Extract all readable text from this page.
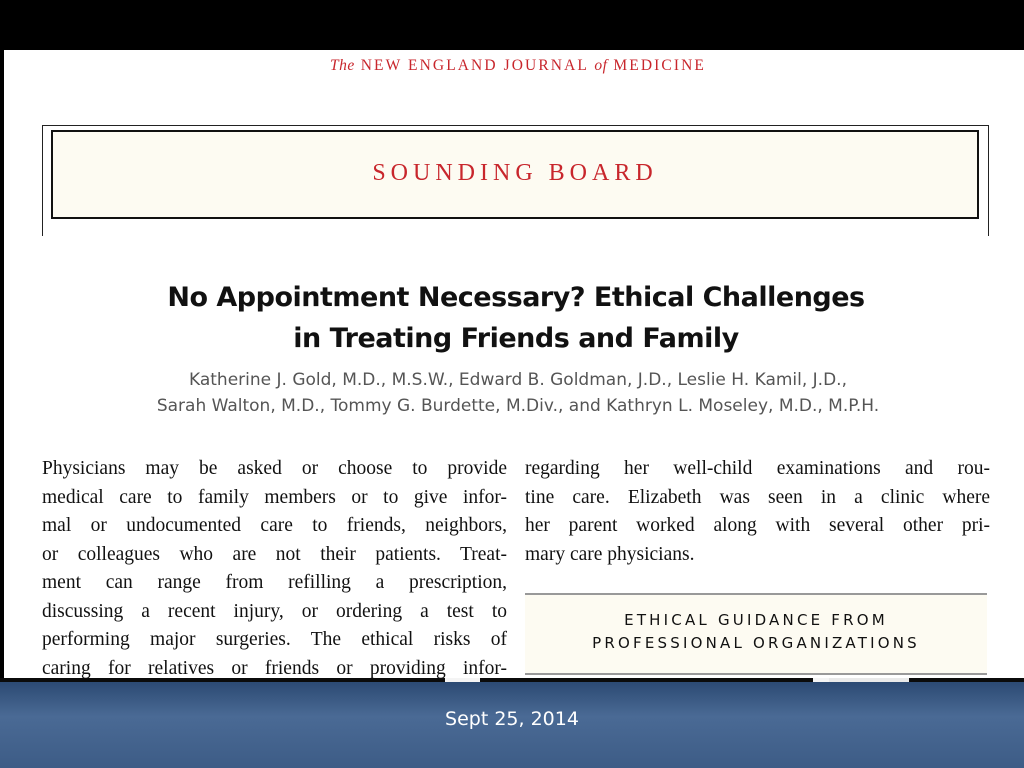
The NEW ENGLAND JOURNAL of MEDICINE
SOUNDING BOARD
No Appointment Necessary? Ethical Challenges
in Treating Friends and Family
Katherine J. Gold, M.D., M.S.W., Edward B. Goldman, J.D., Leslie H. Kamil, J.D.,
Sarah Walton, M.D., Tommy G. Burdette, M.Div., and Kathryn L. Moseley, M.D., M.P.H.
Physicians may be asked or choose to provide
medical care to family members or to give infor-
mal or undocumented care to friends, neighbors,
or colleagues who are not their patients. Treat-
ment can range from refilling a prescription,
discussing a recent injury, or ordering a test to
performing major surgeries. The ethical risks of
caring for relatives or friends or providing infor-
regarding her well-child examinations and rou-
tine care. Elizabeth was seen in a clinic where
her parent worked along with several other pri-
mary care physicians.
ETHICAL GUIDANCE FROM
PROFESSIONAL ORGANIZATIONS
Sept 25, 2014
